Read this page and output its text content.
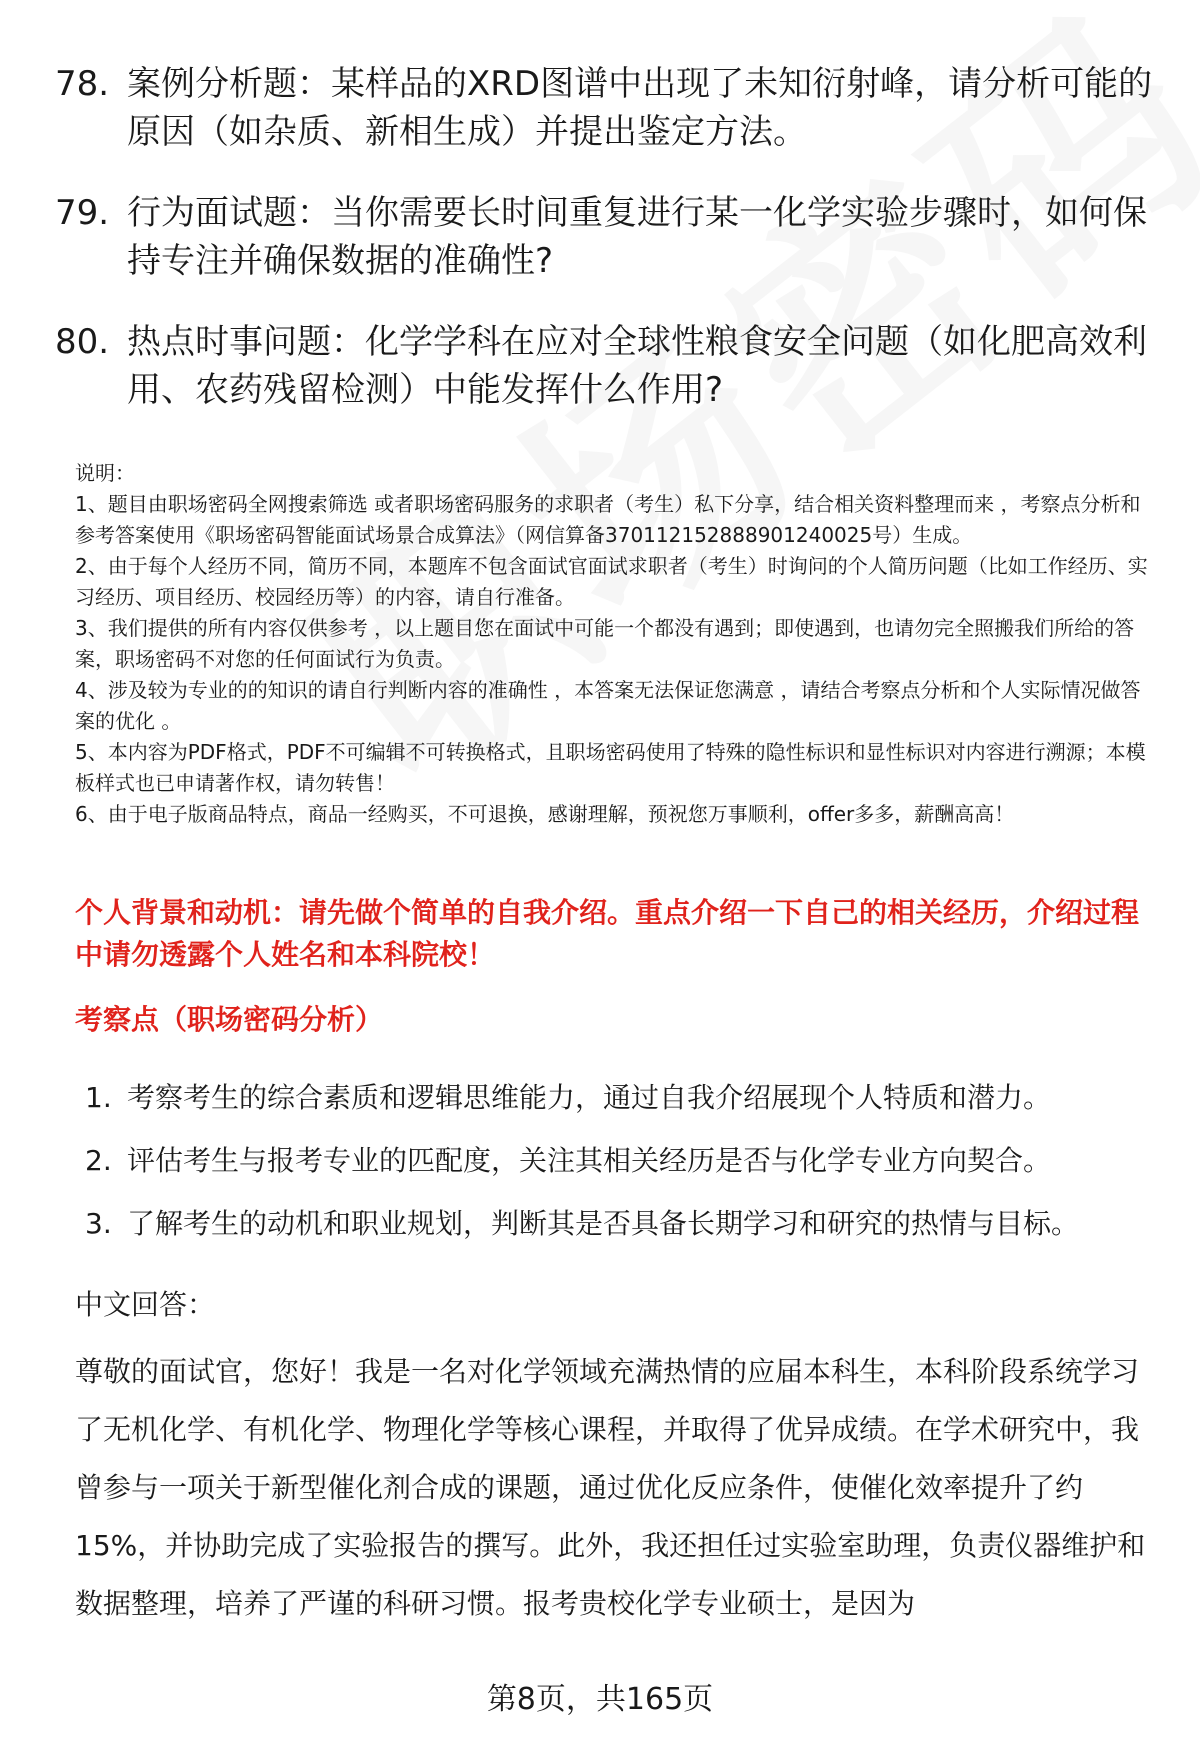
78. 案例分析题：某样品的XRD图谱中出现了未知衍射峰，请分析可能的原因（如杂质、新相生成）并提出鉴定方法。
79. 行为面试题：当你需要长时间重复进行某一化学实验步骤时，如何保持专注并确保数据的准确性?
80. 热点时事问题：化学学科在应对全球性粮食安全问题（如化肥高效利用、农药残留检测）中能发挥什么作用?

说明：

1、题目由职场密码全网搜索筛选 或者职场密码服务的求职者（考生）私下分享，结合相关资料整理而来 ，考察点分析和参考答案使用《职场密码智能面试场景合成算法》（网信算备370112152888901240025号）生成。

2、由于每个人经历不同，简历不同，本题库不包含面试官面试求职者（考生）时询问的个人简历问题（比如工作经历、实习经历、项目经历、校园经历等）的内容，请自行准备。

3、我们提供的所有内容仅供参考 ，以上题目您在面试中可能一个都没有遇到；即使遇到，也请勿完全照搬我们所给的答案，职场密码不对您的任何面试行为负责。

4、涉及较为专业的的知识的请自行判断内容的准确性 ，本答案无法保证您满意 ，请结合考察点分析和个人实际情况做答案的优化 。

5、本内容为PDF格式，PDF不可编辑不可转换格式，且职场密码使用了特殊的隐性标识和显性标识对内容进行溯源；本模板样式也已申请著作权，请勿转售！

6、由于电子版商品特点，商品一经购买，不可退换，感谢理解，预祝您万事顺利，offer多多，薪酬高高！

个人背景和动机：请先做个简单的自我介绍。重点介绍一下自己的相关经历，介绍过程中请勿透露个人姓名和本科院校！
考察点（职场密码分析）
1. 考察考生的综合素质和逻辑思维能力，通过自我介绍展现个人特质和潜力。
2. 评估考生与报考专业的匹配度，关注其相关经历是否与化学专业方向契合。
3. 了解考生的动机和职业规划，判断其是否具备长期学习和研究的热情与目标。
中文回答：
尊敬的面试官，您好！我是一名对化学领域充满热情的应届本科生，本科阶段系统学习了无机化学、有机化学、物理化学等核心课程，并取得了优异成绩。在学术研究中，我曾参与一项关于新型催化剂合成的课题，通过优化反应条件，使催化效率提升了约15%，并协助完成了实验报告的撰写。此外，我还担任过实验室助理，负责仪器维护和数据整理，培养了严谨的科研习惯。报考贵校化学专业硕士，是因为
第8页，共165页
